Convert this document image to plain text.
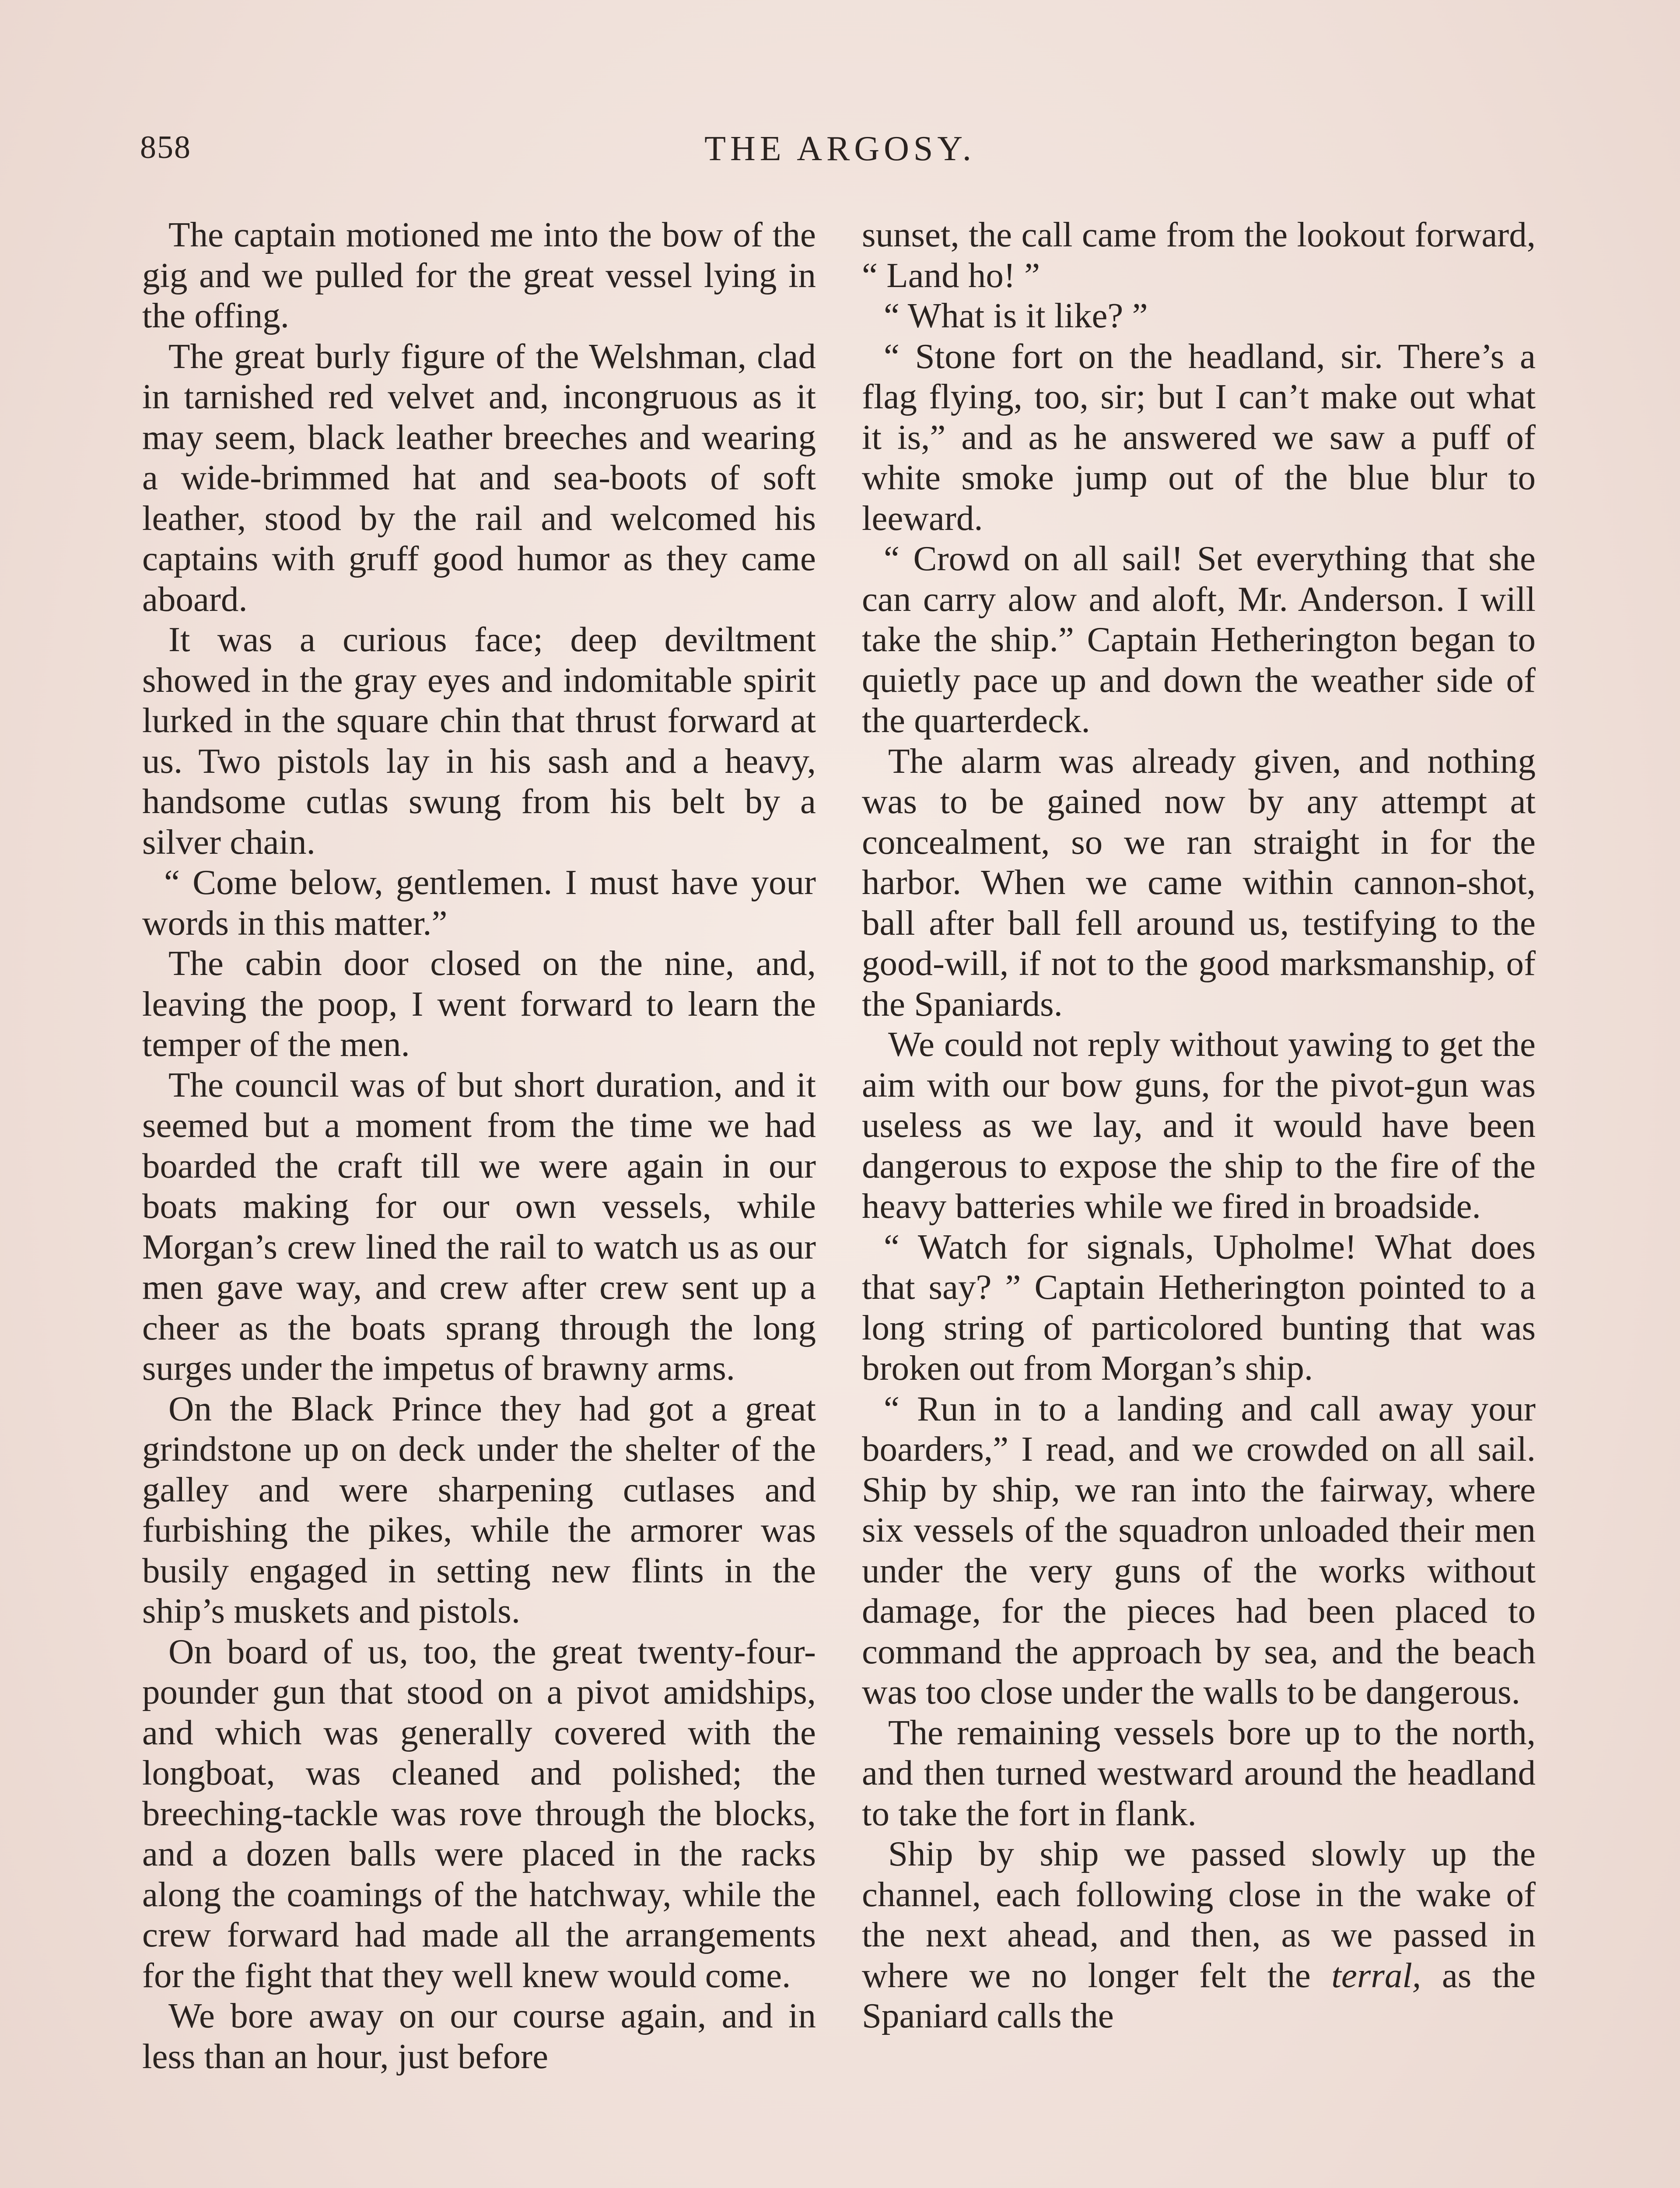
858	THE ARGOSY.

The captain motioned me into the bow of the gig and we pulled for the great vessel lying in the offing.

The great burly figure of the Welshman, clad in tarnished red velvet and, incongruous as it may seem, black leather breeches and wearing a wide-brimmed hat and sea-boots of soft leather, stood by the rail and welcomed his captains with gruff good humor as they came aboard.

It was a curious face; deep deviltment showed in the gray eyes and indomitable spirit lurked in the square chin that thrust forward at us. Two pistols lay in his sash and a heavy, handsome cutlas swung from his belt by a silver chain.

“ Come below, gentlemen. I must have your words in this matter.”

The cabin door closed on the nine, and, leaving the poop, I went forward to learn the temper of the men.

The council was of but short duration, and it seemed but a moment from the time we had boarded the craft till we were again in our boats making for our own vessels, while Morgan’s crew lined the rail to watch us as our men gave way, and crew after crew sent up a cheer as the boats sprang through the long surges under the impetus of brawny arms.

On the Black Prince they had got a great grindstone up on deck under the shelter of the galley and were sharpening cutlases and furbishing the pikes, while the armorer was busily engaged in setting new flints in the ship’s muskets and pistols.

On board of us, too, the great twenty-four-pounder gun that stood on a pivot amidships, and which was generally covered with the longboat, was cleaned and polished; the breeching-tackle was rove through the blocks, and a dozen balls were placed in the racks along the coamings of the hatchway, while the crew forward had made all the arrangements for the fight that they well knew would come.

We bore away on our course again, and in less than an hour, just before

sunset, the call came from the lookout forward, “ Land ho! ”

“ What is it like? ”

“ Stone fort on the headland, sir. There’s a flag flying, too, sir; but I can’t make out what it is,” and as he answered we saw a puff of white smoke jump out of the blue blur to leeward.

“ Crowd on all sail! Set everything that she can carry alow and aloft, Mr. Anderson. I will take the ship.” Captain Hetherington began to quietly pace up and down the weather side of the quarterdeck.

The alarm was already given, and nothing was to be gained now by any attempt at concealment, so we ran straight in for the harbor. When we came within cannon-shot, ball after ball fell around us, testifying to the good-will, if not to the good marksmanship, of the Spaniards.

We could not reply without yawing to get the aim with our bow guns, for the pivot-gun was useless as we lay, and it would have been dangerous to expose the ship to the fire of the heavy batteries while we fired in broadside.

“ Watch for signals, Upholme! What does that say? ” Captain Hetherington pointed to a long string of particolored bunting that was broken out from Morgan’s ship.

“ Run in to a landing and call away your boarders,” I read, and we crowded on all sail. Ship by ship, we ran into the fairway, where six vessels of the squadron unloaded their men under the very guns of the works without damage, for the pieces had been placed to command the approach by sea, and the beach was too close under the walls to be dangerous.

The remaining vessels bore up to the north, and then turned westward around the headland to take the fort in flank.

Ship by ship we passed slowly up the channel, each following close in the wake of the next ahead, and then, as we passed in where we no longer felt the terral, as the Spaniard calls the
